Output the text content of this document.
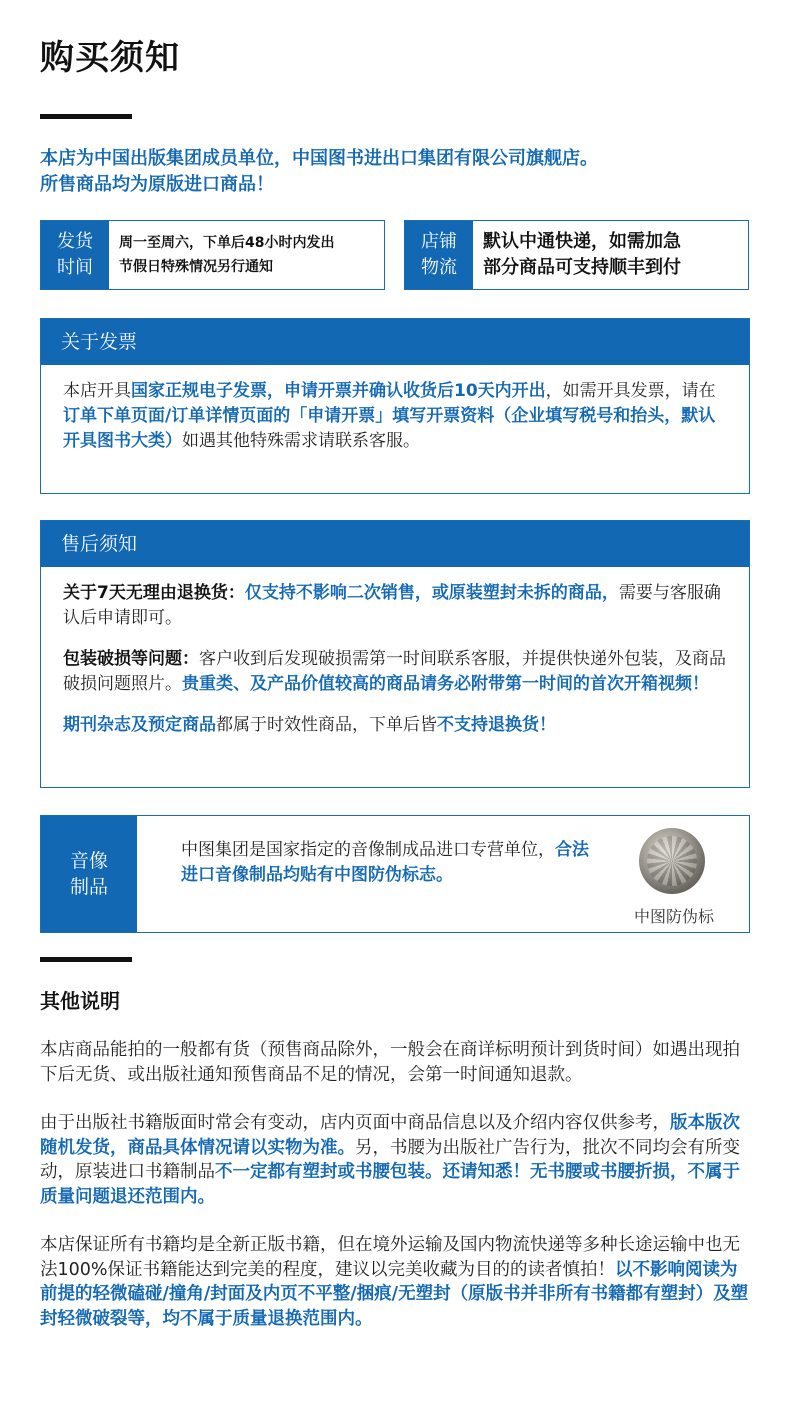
购买须知
本店为中国出版集团成员单位，中国图书进出口集团有限公司旗舰店。
所售商品均为原版进口商品！
发货
时间
周一至周六，下单后48小时内发出
节假日特殊情况另行通知
店铺
物流
默认中通快递，如需加急
部分商品可支持顺丰到付
关于发票

本店开具国家正规电子发票，申请开票并确认收货后10天内开出，如需开具发票，请在订单下单页面/订单详情页面的「申请开票」填写开票资料（企业填写税号和抬头，默认开具图书大类）如遇其他特殊需求请联系客服。

售后须知

关于7天无理由退换货：仅支持不影响二次销售，或原装塑封未拆的商品，需要与客服确认后申请即可。

包装破损等问题：客户收到后发现破损需第一时间联系客服，并提供快递外包装，及商品破损问题照片。贵重类、及产品价值较高的商品请务必附带第一时间的首次开箱视频！

期刊杂志及预定商品都属于时效性商品，下单后皆不支持退换货！

音像
制品
中图集团是国家指定的音像制成品进口专营单位，合法进口音像制品均贴有中图防伪标志。
中图防伪标
其他说明

本店商品能拍的一般都有货（预售商品除外，一般会在商详标明预计到货时间）如遇出现拍下后无货、或出版社通知预售商品不足的情况，会第一时间通知退款。

由于出版社书籍版面时常会有变动，店内页面中商品信息以及介绍内容仅供参考，版本版次随机发货，商品具体情况请以实物为准。另，书腰为出版社广告行为，批次不同均会有所变动，原装进口书籍制品不一定都有塑封或书腰包装。还请知悉！无书腰或书腰折损，不属于质量问题退还范围内。

本店保证所有书籍均是全新正版书籍，但在境外运输及国内物流快递等多种长途运输中也无法100%保证书籍能达到完美的程度，建议以完美收藏为目的的读者慎拍！以不影响阅读为前提的轻微磕碰/撞角/封面及内页不平整/捆痕/无塑封（原版书并非所有书籍都有塑封）及塑封轻微破裂等，均不属于质量退换范围内。
